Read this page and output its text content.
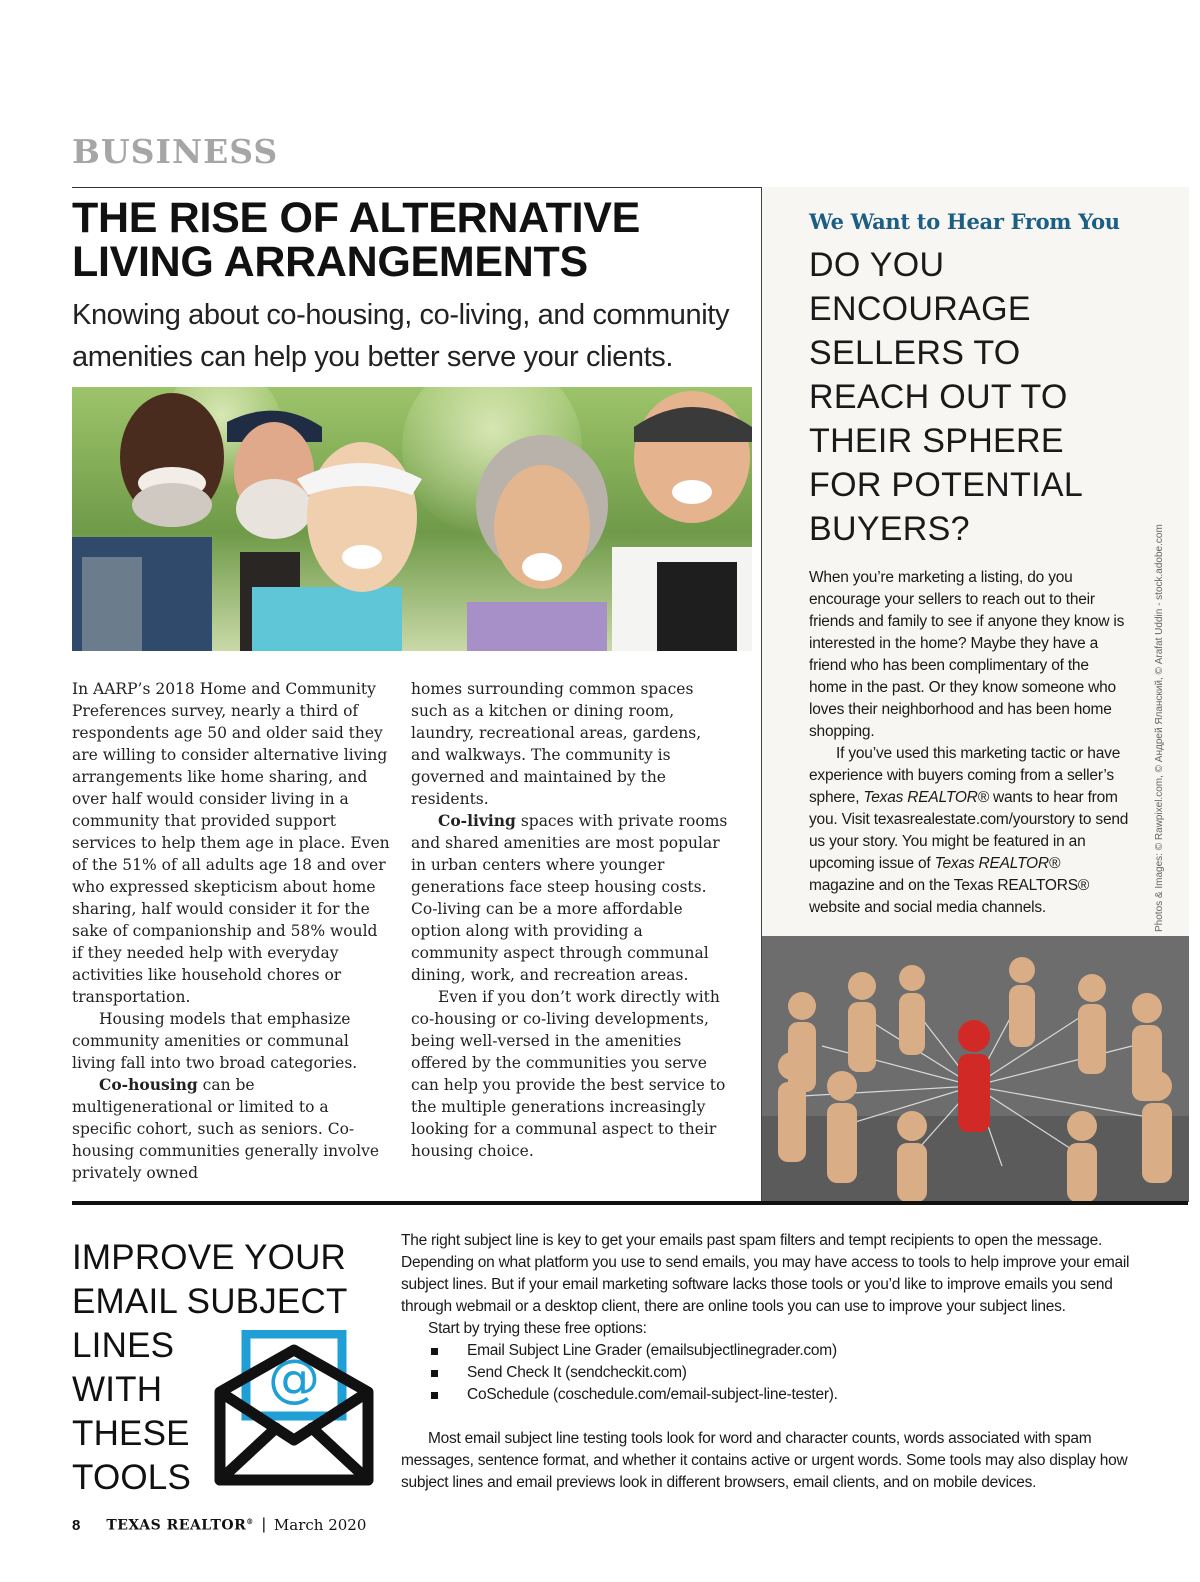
BUSINESS
THE RISE OF ALTERNATIVE
LIVING ARRANGEMENTS
Knowing about co-housing, co-living, and community amenities can help you better serve your clients.

In AARP’s 2018 Home and Community Preferences survey, nearly a third of respondents age 50 and older said they are willing to consider alternative living arrangements like home sharing, and over half would consider living in a community that provided support services to help them age in place. Even of the 51% of all adults age 18 and over who expressed skepticism about home sharing, half would consider it for the sake of companionship and 58% would if they needed help with everyday activities like household chores or transportation.

Housing models that emphasize community amenities or communal living fall into two broad categories.

Co-housing can be multigenerational or limited to a specific cohort, such as seniors. Co-housing communities generally involve privately owned

homes surrounding common spaces such as a kitchen or dining room, laundry, recreational areas, gardens, and walkways. The community is governed and maintained by the residents.

Co-living spaces with private rooms and shared amenities are most popular in urban centers where younger generations face steep housing costs. Co-living can be a more affordable option along with providing a community aspect through communal dining, work, and recreation areas.

Even if you don’t work directly with co-housing or co-living developments, being well-versed in the amenities offered by the communities you serve can help you provide the best service to the multiple generations increasingly looking for a communal aspect to their housing choice.

We Want to Hear From You
DO YOU
ENCOURAGE
SELLERS TO
REACH OUT TO
THEIR SPHERE
FOR POTENTIAL
BUYERS?

When you’re marketing a listing, do you encourage your sellers to reach out to their friends and family to see if anyone they know is interested in the home? Maybe they have a friend who has been complimentary of the home in the past. Or they know someone who loves their neighborhood and has been home shopping.

If you’ve used this marketing tactic or have experience with buyers coming from a seller’s sphere, Texas REALTOR® wants to hear from you. Visit texasrealestate.com/yourstory to send us your story. You might be featured in an upcoming issue of Texas REALTOR® magazine and on the Texas REALTORS® website and social media channels.	Photos & Images: © Rawpixel.com, © Андрей Яланский, © Arafat Uddin - stock.adobe.com
IMPROVE YOUR
EMAIL SUBJECT
LINES
WITH
THESE
TOOLS
@

The right subject line is key to get your emails past spam filters and tempt recipients to open the message. Depending on what platform you use to send emails, you may have access to tools to help improve your email subject lines. But if your email marketing software lacks those tools or you’d like to improve emails you send through webmail or a desktop client, there are online tools you can use to improve your subject lines.

Start by trying these free options:

Email Subject Line Grader (emailsubjectlinegrader.com)
Send Check It (sendcheckit.com)
CoSchedule (coschedule.com/email-subject-line-tester).

Most email subject line testing tools look for word and character counts, words associated with spam messages, sentence format, and whether it contains active or urgent words. Some tools may also display how subject lines and email previews look in different browsers, email clients, and on mobile devices.

8 TEXAS REALTOR® | March 2020
